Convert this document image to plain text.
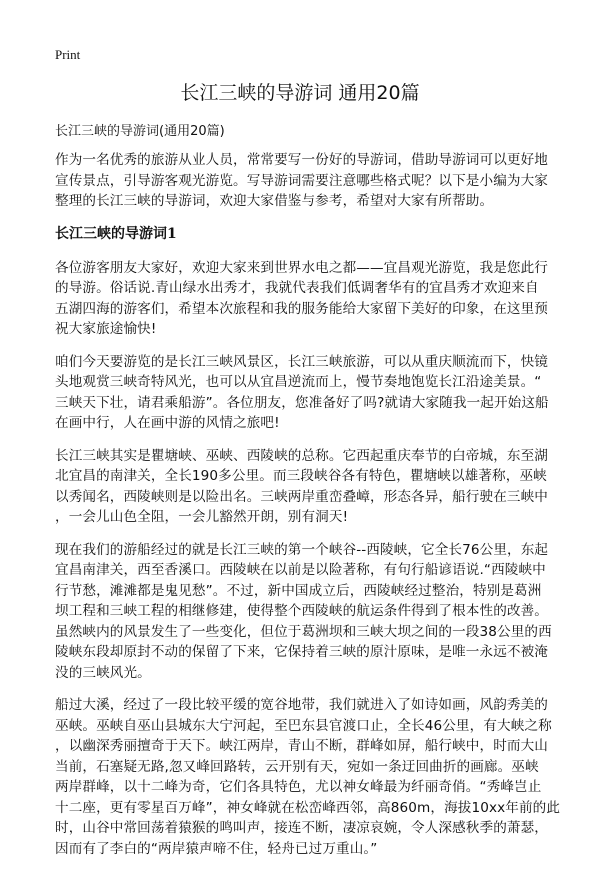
Print
长江三峡的导游词 通用20篇
长江三峡的导游词(通用20篇)
作为一名优秀的旅游从业人员，常常要写一份好的导游词，借助导游词可以更好地
宣传景点，引导游客观光游览。写导游词需要注意哪些格式呢？以下是小编为大家
整理的长江三峡的导游词，欢迎大家借鉴与参考，希望对大家有所帮助。
长江三峡的导游词1
各位游客朋友大家好，欢迎大家来到世界水电之都——宜昌观光游览，我是您此行
的导游。俗话说.青山绿水出秀才，我就代表我们低调奢华有的宜昌秀才欢迎来自
五湖四海的游客们，希望本次旅程和我的服务能给大家留下美好的印象，在这里预
祝大家旅途愉快!
咱们今天要游览的是长江三峡风景区，长江三峡旅游，可以从重庆顺流而下，快镜
头地观赏三峡奇特风光，也可以从宜昌逆流而上，慢节奏地饱览长江沿途美景。“
三峡天下壮，请君乘船游”。各位朋友，您准备好了吗?就请大家随我一起开始这船
在画中行，人在画中游的风情之旅吧!
长江三峡其实是瞿塘峡、巫峡、西陵峡的总称。它西起重庆奉节的白帝城，东至湖
北宜昌的南津关，全长190多公里。而三段峡谷各有特色，瞿塘峡以雄著称，巫峡
以秀闻名，西陵峡则是以险出名。三峡两岸重峦叠嶂，形态各异，船行驶在三峡中
，一会儿山色全阻，一会儿豁然开朗，别有洞天!
现在我们的游船经过的就是长江三峡的第一个峡谷--西陵峡，它全长76公里，东起
宜昌南津关，西至香溪口。西陵峡在以前是以险著称，有句行船谚语说.“西陵峡中
行节愁，滩滩都是鬼见愁”。不过，新中国成立后，西陵峡经过整治，特别是葛洲
坝工程和三峡工程的相继修建，使得整个西陵峡的航运条件得到了根本性的改善。
虽然峡内的风景发生了一些变化，但位于葛洲坝和三峡大坝之间的一段38公里的西
陵峡东段却原封不动的保留了下来，它保持着三峡的原汁原味，是唯一永远不被淹
没的三峡风光。
船过大溪，经过了一段比较平缓的宽谷地带，我们就进入了如诗如画，风韵秀美的
巫峡。巫峡自巫山县城东大宁河起，至巴东县官渡口止，全长46公里，有大峡之称
，以幽深秀丽擅奇于天下。峡江两岸，青山不断，群峰如屏，船行峡中，时而大山
当前，石塞疑无路,忽又峰回路转，云开别有天，宛如一条迂回曲折的画廊。巫峡
两岸群峰，以十二峰为奇，它们各具特色，尤以神女峰最为纤丽奇俏。“秀峰岂止
十二座，更有零星百万峰”，神女峰就在松峦峰西邻，高860m，海拔10xx年前的此
时，山谷中常回荡着猿猴的鸣叫声，接连不断，凄凉哀婉，令人深感秋季的萧瑟，
因而有了李白的“两岸猿声啼不住，轻舟已过万重山。”
